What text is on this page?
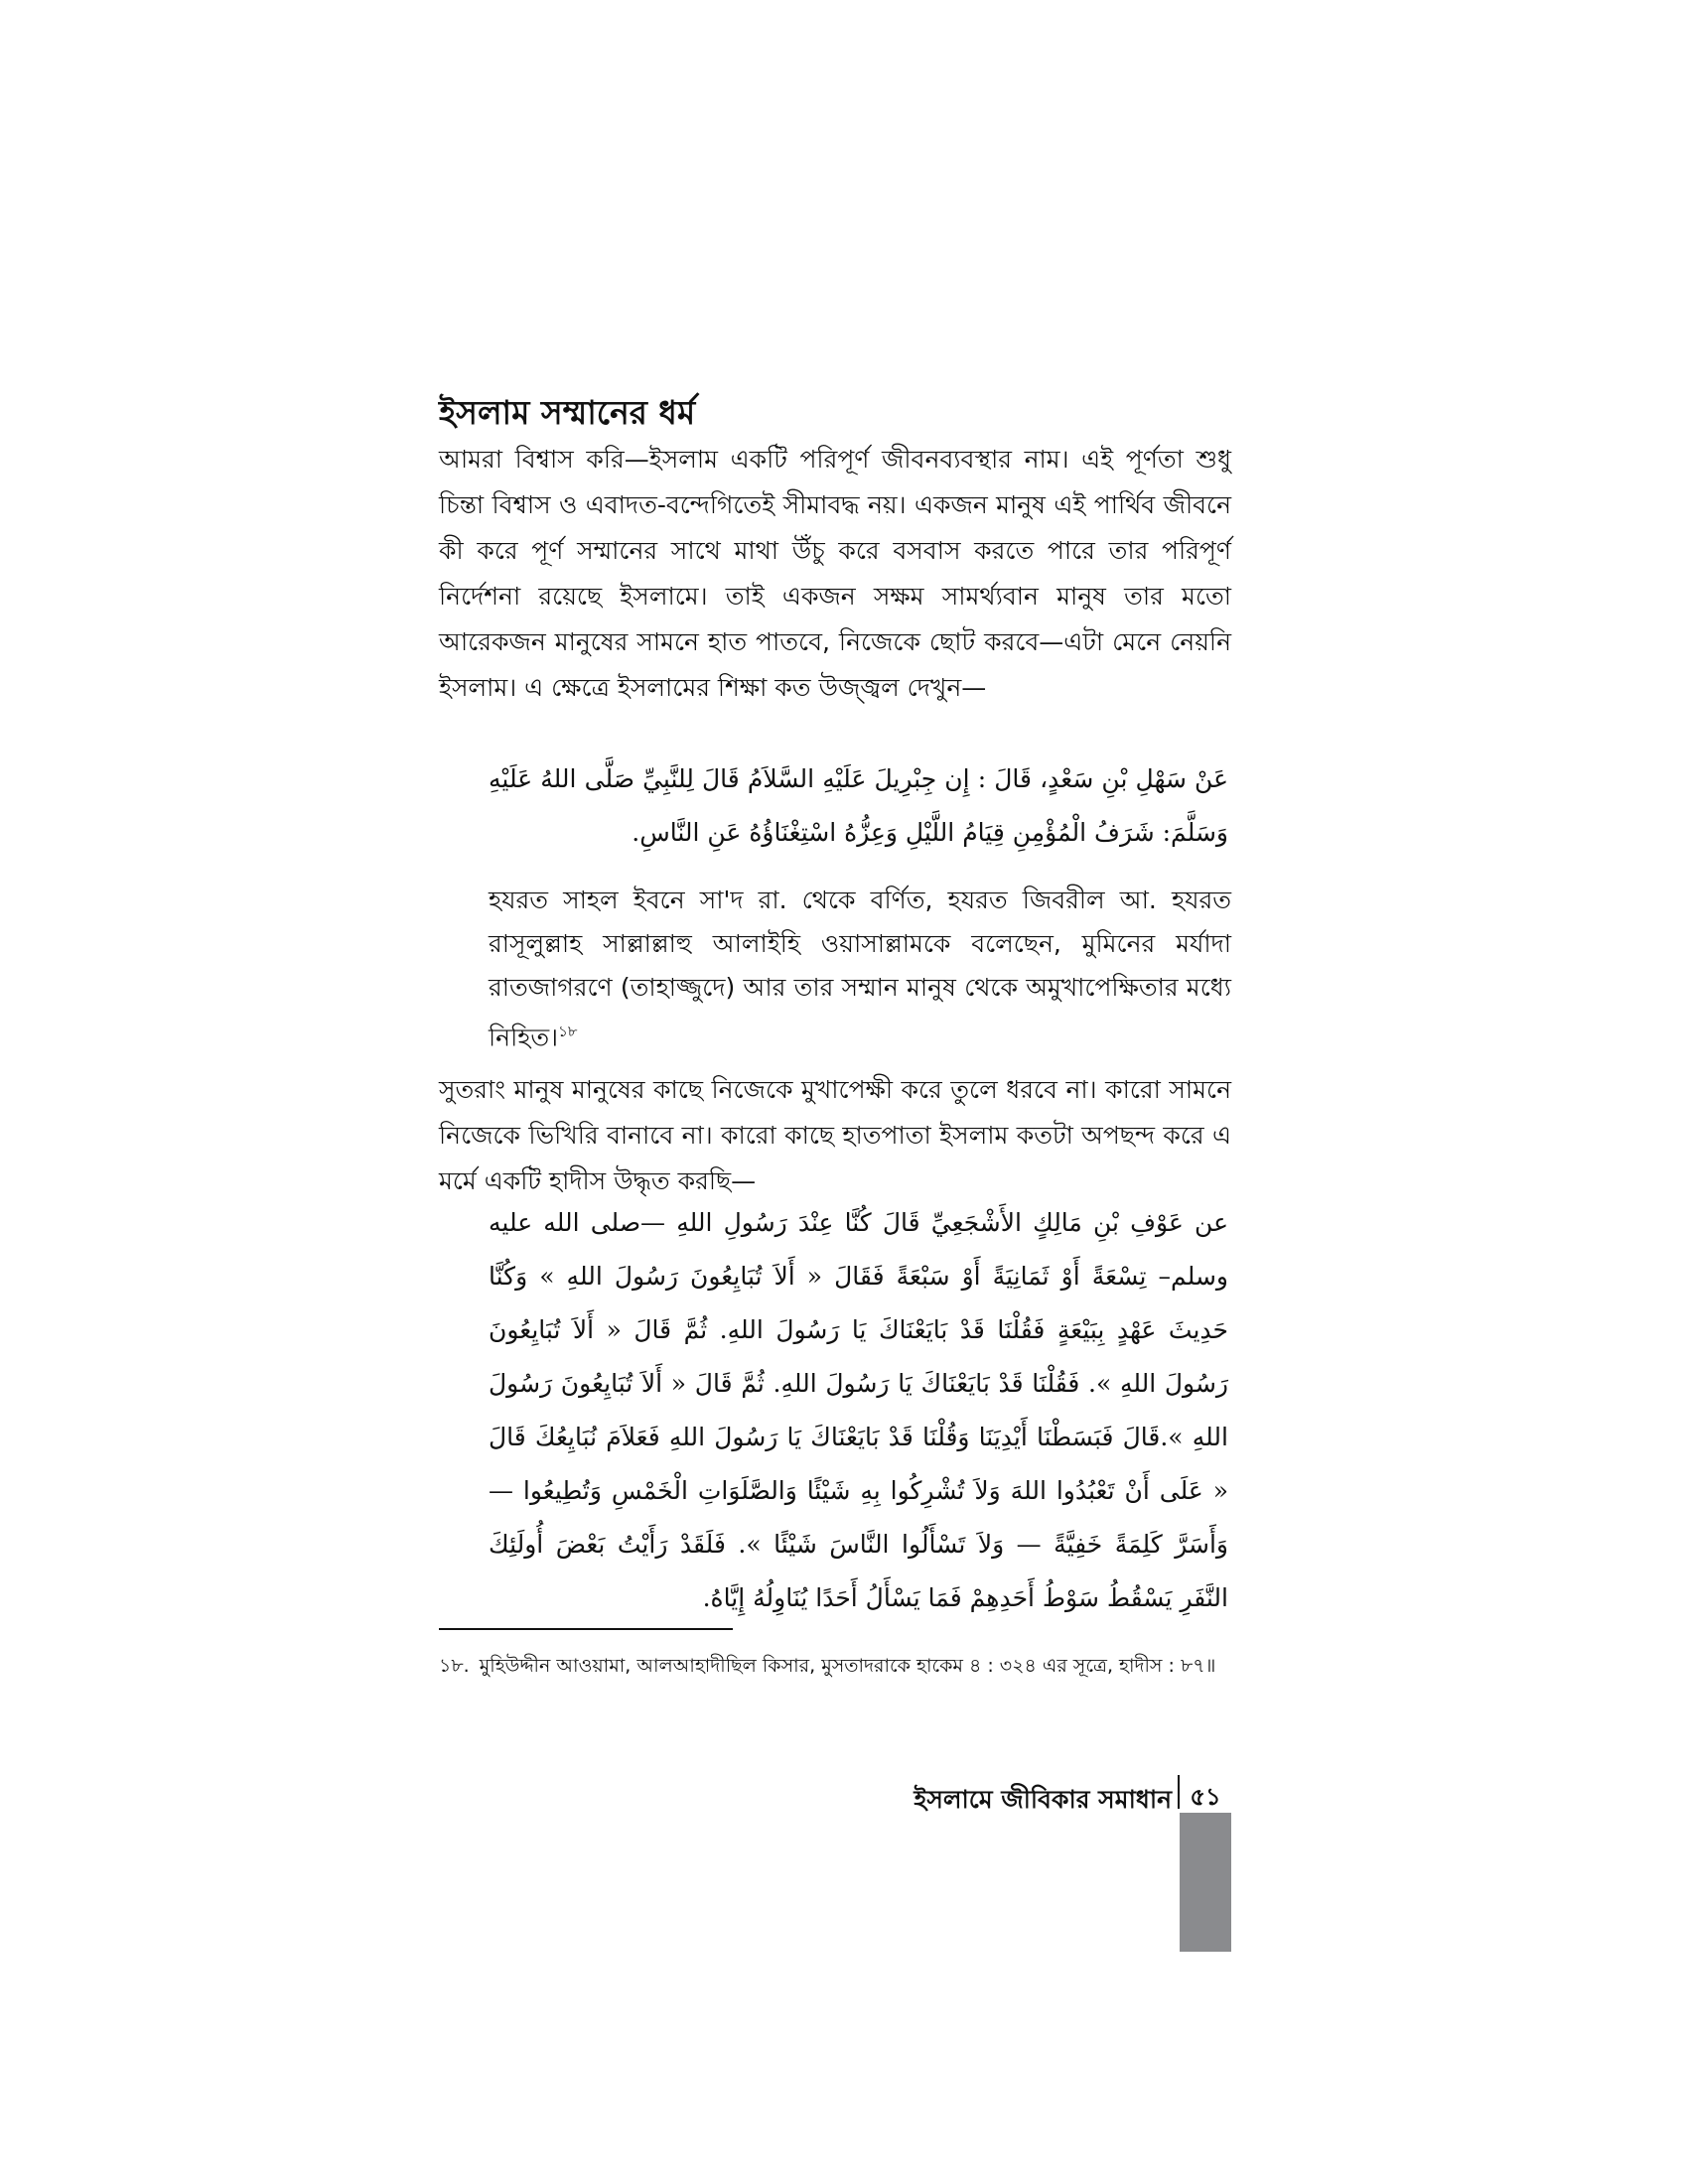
ইসলাম সম্মানের ধর্ম

আমরা বিশ্বাস করি—ইসলাম একটি পরিপূর্ণ জীবনব্যবস্থার নাম। এই পূর্ণতা শুধু চিন্তা বিশ্বাস ও এবাদত-বন্দেগিতেই সীমাবদ্ধ নয়। একজন মানুষ এই পার্থিব জীবনে কী করে পূর্ণ সম্মানের সাথে মাথা উঁচু করে বসবাস করতে পারে তার পরিপূর্ণ নির্দেশনা রয়েছে ইসলামে। তাই একজন সক্ষম সামর্থ্যবান মানুষ তার মতো আরেকজন মানুষের সামনে হাত পাতবে, নিজেকে ছোট করবে—এটা মেনে নেয়নি ইসলাম। এ ক্ষেত্রে ইসলামের শিক্ষা কত উজ্জ্বল দেখুন—

عَنْ سَهْلِ بْنِ سَعْدٍ، قَالَ : إِن جِبْرِيلَ عَلَيْهِ السَّلاَمُ قَالَ لِلنَّبِيِّ صَلَّى اللهُ عَلَيْهِ وَسَلَّمَ: شَرَفُ الْمُؤْمِنِ قِيَامُ اللَّيْلِ وَعِزُّهُ اسْتِغْنَاؤُهُ عَنِ النَّاسِ.

হযরত সাহল ইবনে সা'দ রা. থেকে বর্ণিত, হযরত জিবরীল আ. হযরত রাসূলুল্লাহ সাল্লাল্লাহু আলাইহি ওয়াসাল্লামকে বলেছেন, মুমিনের মর্যাদা রাতজাগরণে (তাহাজ্জুদে) আর তার সম্মান মানুষ থেকে অমুখাপেক্ষিতার মধ্যে নিহিত।$^{১৮}$

সুতরাং মানুষ মানুষের কাছে নিজেকে মুখাপেক্ষী করে তুলে ধরবে না। কারো সামনে নিজেকে ভিখিরি বানাবে না। কারো কাছে হাতপাতা ইসলাম কতটা অপছন্দ করে এ মর্মে একটি হাদীস উদ্ধৃত করছি—

عن عَوْفِ بْنِ مَالِكٍ الأَشْجَعِيِّ قَالَ كُنَّا عِنْدَ رَسُولِ اللهِ —صلى الله عليه وسلم– تِسْعَةً أَوْ ثَمَانِيَةً أَوْ سَبْعَةً فَقَالَ « أَلاَ تُبَايِعُونَ رَسُولَ اللهِ » وَكُنَّا حَدِيثَ عَهْدٍ بِبَيْعَةٍ فَقُلْنَا قَدْ بَايَعْنَاكَ يَا رَسُولَ اللهِ. ثُمَّ قَالَ « أَلاَ تُبَايِعُونَ رَسُولَ اللهِ ». فَقُلْنَا قَدْ بَايَعْنَاكَ يَا رَسُولَ اللهِ. ثُمَّ قَالَ « أَلاَ تُبَايِعُونَ رَسُولَ اللهِ ».قَالَ فَبَسَطْنَا أَيْدِيَنَا وَقُلْنَا قَدْ بَايَعْنَاكَ يَا رَسُولَ اللهِ فَعَلاَمَ نُبَايِعُكَ قَالَ « عَلَى أَنْ تَعْبُدُوا اللهَ وَلاَ تُشْرِكُوا بِهِ شَيْئًا وَالصَّلَوَاتِ الْخَمْسِ وَتُطِيعُوا — وَأَسَرَّ كَلِمَةً خَفِيَّةً — وَلاَ تَسْأَلُوا النَّاسَ شَيْئًا ». فَلَقَدْ رَأَيْتُ بَعْضَ أُولَئِكَ النَّفَرِ يَسْقُطُ سَوْطُ أَحَدِهِمْ فَمَا يَسْأَلُ أَحَدًا يُنَاوِلُهُ إِيَّاهُ.

১৮. মুহিউদ্দীন আওয়ামা, আলআহাদীছিল কিসার, মুসতাদরাকে হাকেম ৪ : ৩২৪ এর সূত্রে, হাদীস : ৮৭॥

ইসলামে জীবিকার সমাধান ৫১
